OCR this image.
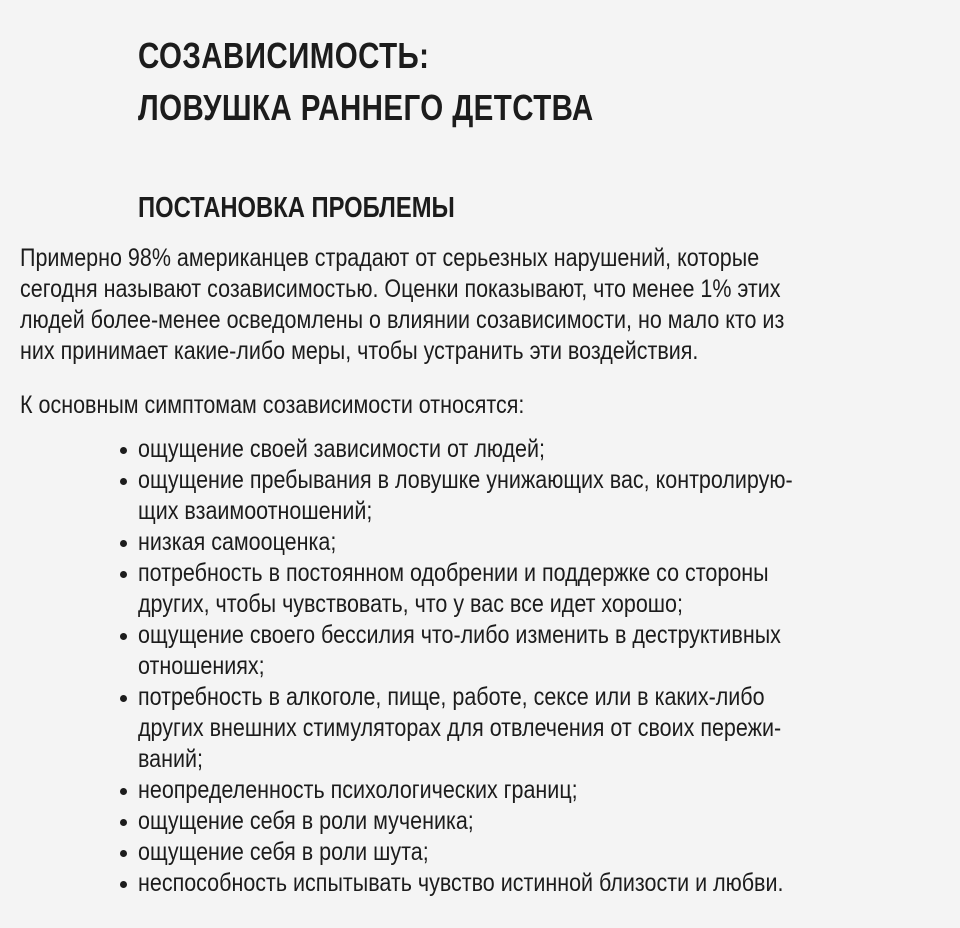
СОЗАВИСИМОСТЬ:
ЛОВУШКА РАННЕГО ДЕТСТВА
ПОСТАНОВКА ПРОБЛЕМЫ

Примерно 98% американцев страдают от серьезных нарушений, которые
сегодня называют созависимостью. Оценки показывают, что менее 1% этих
людей более-менее осведомлены о влиянии созависимости, но мало кто из
них принимает какие-либо меры, чтобы устранить эти воздействия.

К основным симптомам созависимости относятся:

ощущение своей зависимости от людей;
ощущение пребывания в ловушке унижающих вас, контролирую-
щих взаимоотношений;
низкая самооценка;
потребность в постоянном одобрении и поддержке со стороны
других, чтобы чувствовать, что у вас все идет хорошо;
ощущение своего бессилия что-либо изменить в деструктивных
отношениях;
потребность в алкоголе, пище, работе, сексе или в каких-либо
других внешних стимуляторах для отвлечения от своих пережи-
ваний;
неопределенность психологических границ;
ощущение себя в роли мученика;
ощущение себя в роли шута;
неспособность испытывать чувство истинной близости и любви.
